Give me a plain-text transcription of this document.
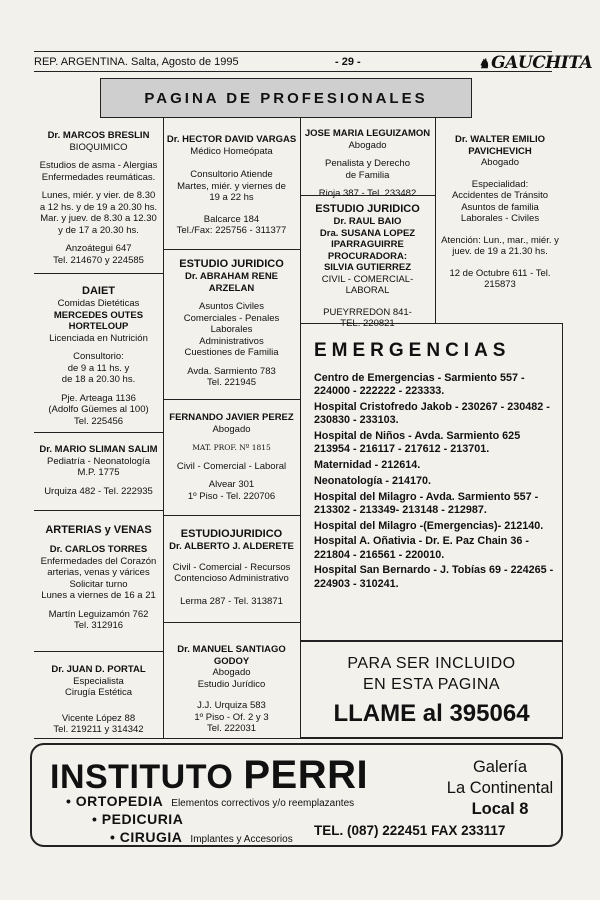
REP. ARGENTINA. Salta, Agosto de 1995	- 29 -	♞ GAUCHITA
PAGINA DE PROFESIONALES
Dr. MARCOS BRESLIN
BIOQUIMICO
Estudios de asma - Alergias
Enfermedades reumáticas.
Lunes, miér. y vier. de 8.30
a 12 hs. y de 19 a 20.30 hs.
Mar. y juev. de 8.30 a 12.30
y de 17 a 20.30 hs.
Anzoátegui 647
Tel. 214670 y 224585
DAIET
Comidas Dietéticas
MERCEDES OUTES
HORTELOUP
Licenciada en Nutrición
Consultorio:
de 9 a 11 hs. y
de 18 a 20.30 hs.
Pje. Arteaga 1136
(Adolfo Güemes al 100)
Tel. 225456
Dr. MARIO SLIMAN SALIM
Pediatría - Neonatología
M.P. 1775
Urquiza 482 - Tel. 222935
ARTERIAS y VENAS
Dr. CARLOS TORRES
Enfermedades del Corazón
arterias, venas y várices
Solicitar turno
Lunes a viernes de 16 a 21
Martín Leguizamón 762
Tel. 312916
Dr. JUAN D. PORTAL
Especialista
Cirugía Estética
Vicente López 88
Tel. 219211 y 314342
Dr. HECTOR DAVID VARGAS
Médico Homeópata
Consultorio Atiende
Martes, miér. y viernes de
19 a 22 hs
Balcarce 184
Tel./Fax: 225756 - 311377
ESTUDIO JURIDICO
Dr. ABRAHAM RENE
ARZELAN
Asuntos Civiles
Comerciales - Penales
Laborales
Administrativos
Cuestiones de Familia
Avda. Sarmiento 783
Tel. 221945
FERNANDO JAVIER PEREZ
Abogado
MAT. PROF. Nº 1815
Civil - Comercial - Laboral
Alvear 301
1º Piso - Tel. 220706
ESTUDIOJURIDICO
Dr. ALBERTO J. ALDERETE
Civil - Comercial - Recursos
Contencioso Administrativo
Lerma 287 - Tel. 313871
Dr. MANUEL SANTIAGO
GODOY
Abogado
Estudio Jurídico
J.J. Urquiza 583
1º Piso - Of. 2 y 3
Tel. 222031
JOSE MARIA LEGUIZAMON
Abogado
Penalista y Derecho
de Familia
Rioja 387 - Tel. 233482
ESTUDIO JURIDICO
Dr. RAUL BAIO
Dra. SUSANA LOPEZ
IPARRAGUIRRE
PROCURADORA:
SILVIA GUTIERREZ
CIVIL - COMERCIAL-LABORAL
PUEYRREDON 841-
TEL. 220821
Dr. WALTER EMILIO
PAVICHEVICH
Abogado
Especialidad:
Accidentes de Tránsito
Asuntos de familia
Laborales - Civiles
Atención: Lun., mar., miér. y
juev. de 19 a 21.30 hs.
12 de Octubre 611 - Tel.
215873
EMERGENCIAS
Centro de Emergencias - Sarmiento 557 - 224000 - 222222 - 223333.
Hospital Cristofredo Jakob - 230267 - 230482 - 230830 - 233103.
Hospital de Niños - Avda. Sarmiento 625 213954 - 216117 - 217612 - 213701.
Maternidad - 212614.
Neonatología - 214170.
Hospital del Milagro - Avda. Sarmiento 557 - 213302 - 213349- 213148 - 212987.
Hospital del Milagro -(Emergencias)- 212140.
Hospital A. Oñativia - Dr. E. Paz Chain 36 - 221804 - 216561 - 220010.
Hospital San Bernardo - J. Tobías 69 - 224265 - 224903 - 310241.
PARA SER INCLUIDO
EN ESTA PAGINA
LLAME al 395064
INSTITUTO PERRI
• ORTOPEDIA Elementos correctivos y/o reemplazantes
• PEDICURIA
• CIRUGIA Implantes y Accesorios
Galería
La Continental
Local 8
TEL. (087) 222451 FAX 233117
